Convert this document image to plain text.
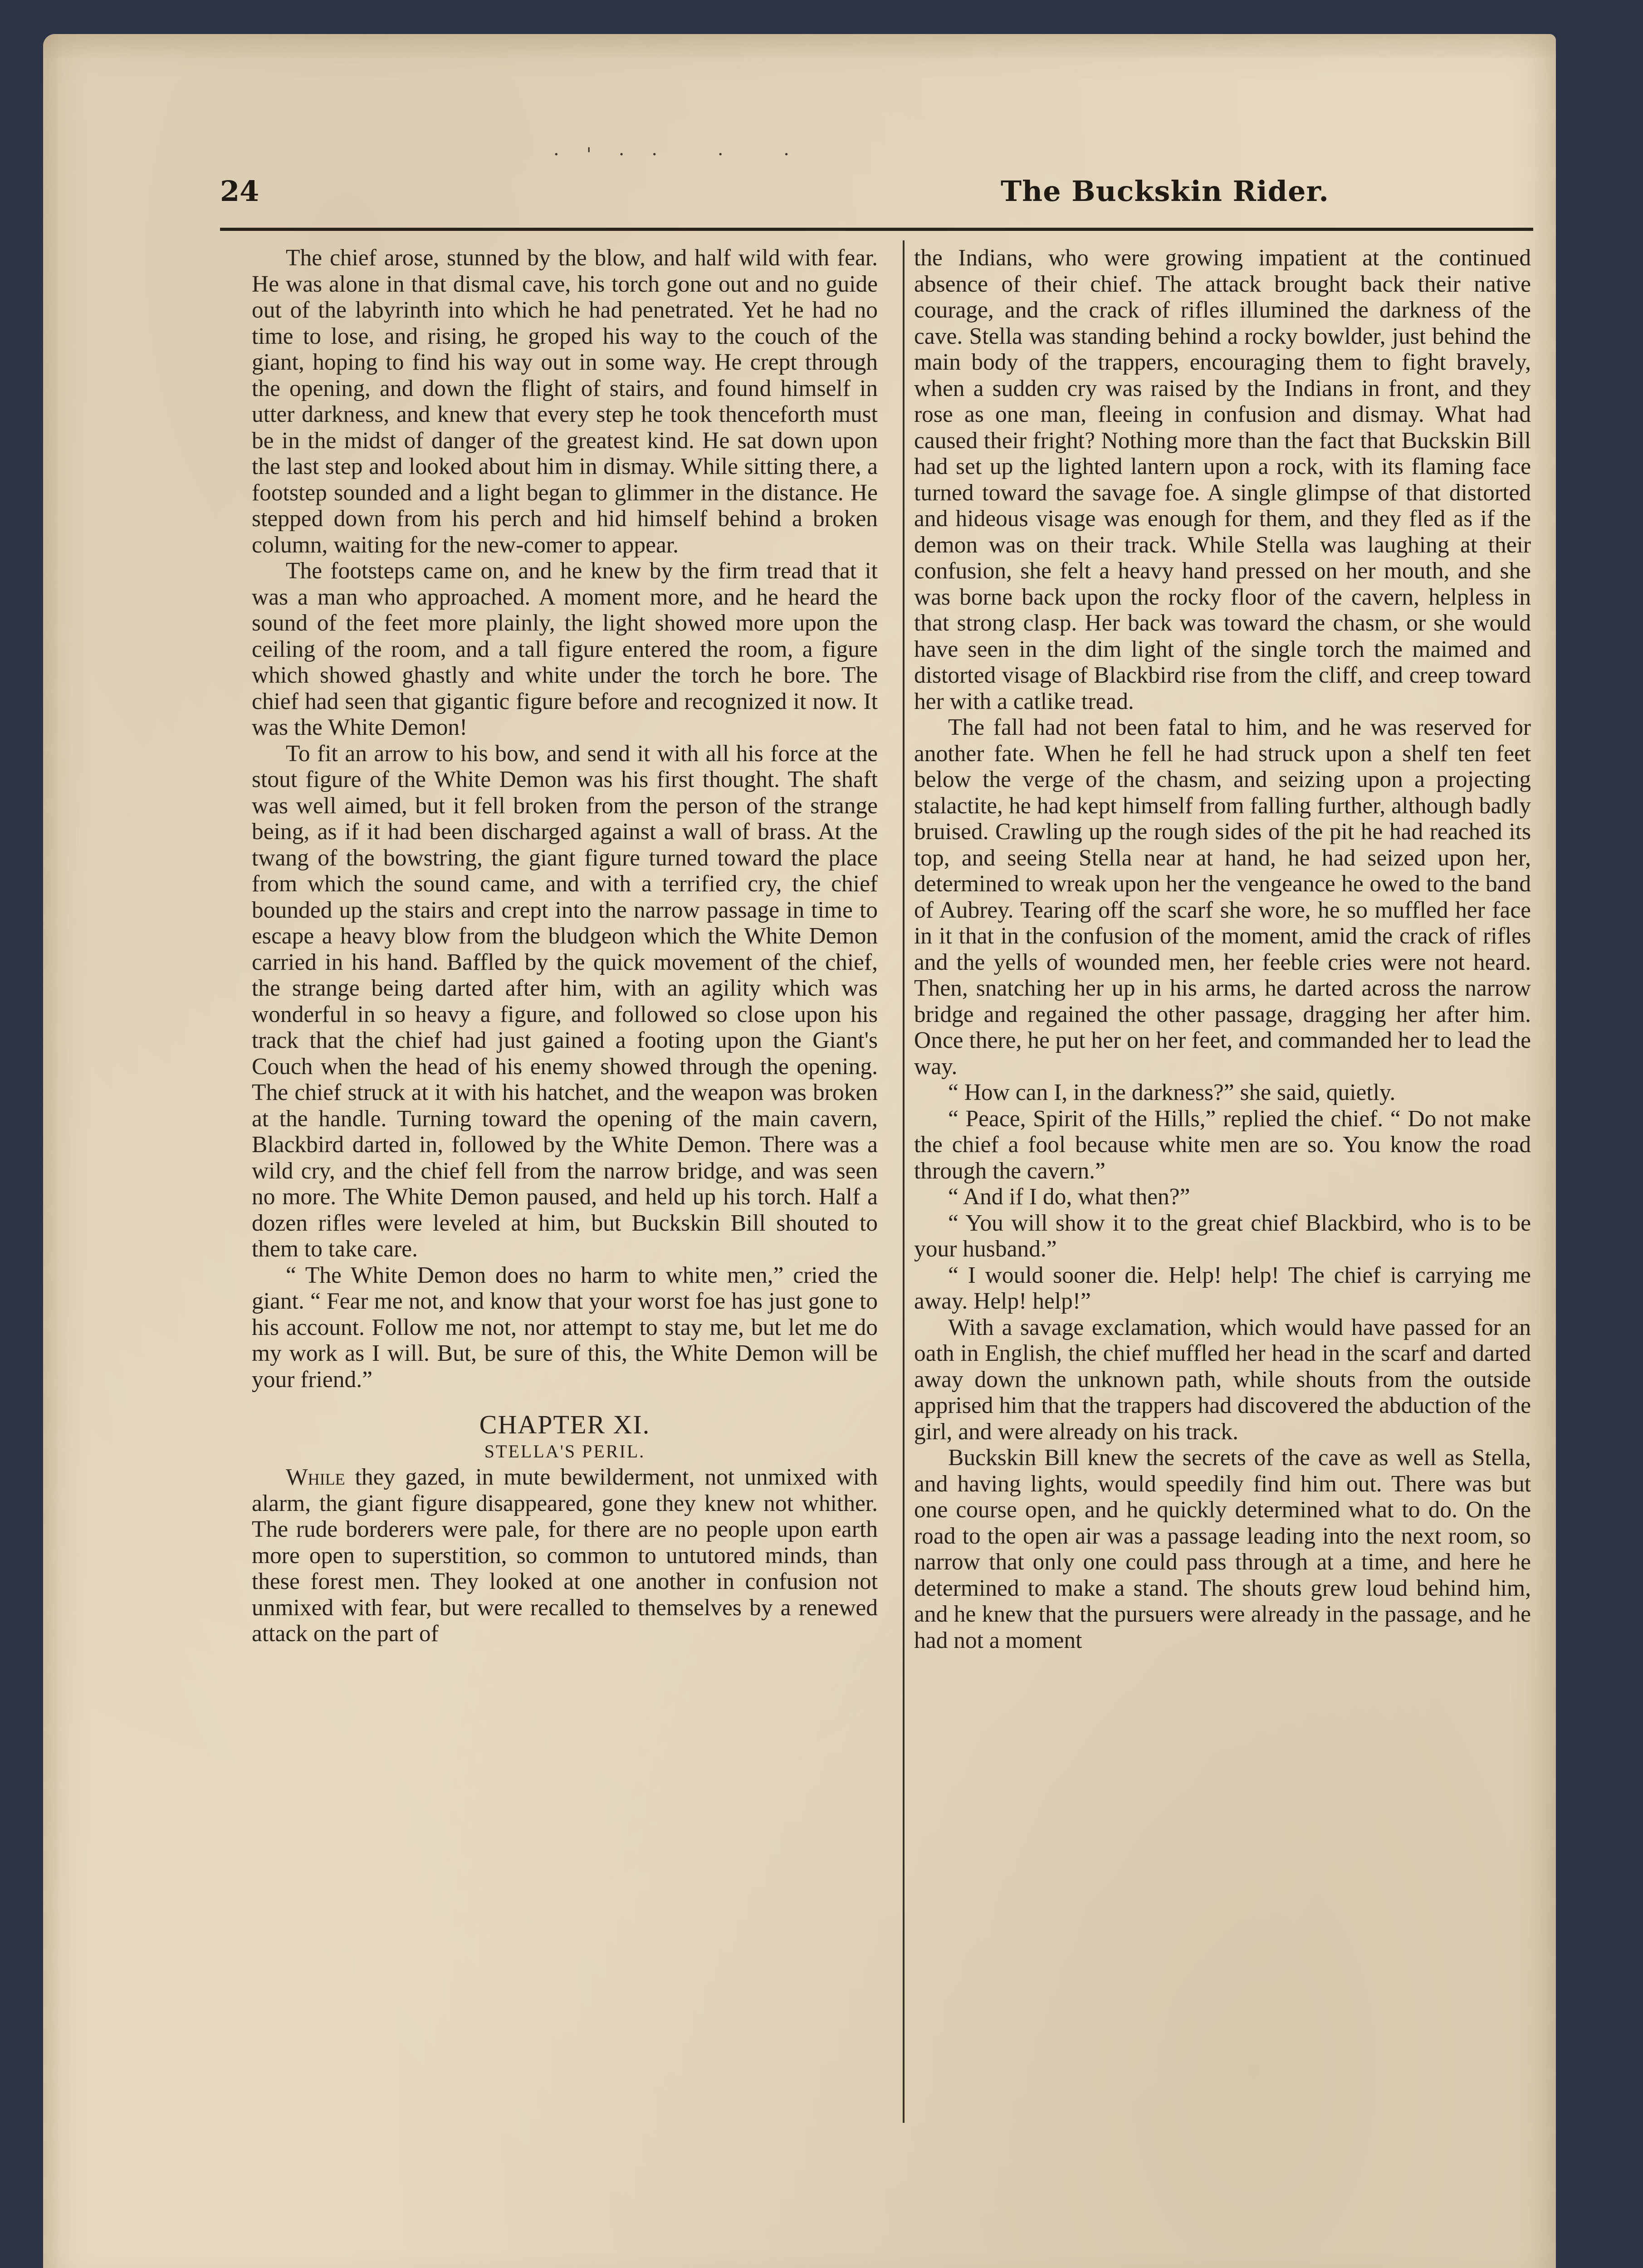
·'·· · ·
24	The Buckskin Rider.

The chief arose, stunned by the blow, and half wild with fear. He was alone in that dismal cave, his torch gone out and no guide out of the labyrinth into which he had penetrated. Yet he had no time to lose, and rising, he groped his way to the couch of the giant, hoping to find his way out in some way. He crept through the opening, and down the flight of stairs, and found himself in utter darkness, and knew that every step he took thenceforth must be in the midst of danger of the greatest kind. He sat down upon the last step and looked about him in dismay. While sitting there, a footstep sounded and a light began to glimmer in the distance. He stepped down from his perch and hid himself behind a broken column, waiting for the new-comer to appear.

The footsteps came on, and he knew by the firm tread that it was a man who approached. A moment more, and he heard the sound of the feet more plainly, the light showed more upon the ceiling of the room, and a tall figure entered the room, a figure which showed ghastly and white under the torch he bore. The chief had seen that gigantic figure before and recognized it now. It was the White Demon!

To fit an arrow to his bow, and send it with all his force at the stout figure of the White Demon was his first thought. The shaft was well aimed, but it fell broken from the person of the strange being, as if it had been discharged against a wall of brass. At the twang of the bowstring, the giant figure turned toward the place from which the sound came, and with a terrified cry, the chief bounded up the stairs and crept into the narrow passage in time to escape a heavy blow from the bludgeon which the White Demon carried in his hand. Baffled by the quick movement of the chief, the strange being darted after him, with an agility which was wonderful in so heavy a figure, and followed so close upon his track that the chief had just gained a footing upon the Giant's Couch when the head of his enemy showed through the opening. The chief struck at it with his hatchet, and the weapon was broken at the handle. Turning toward the opening of the main cavern, Blackbird darted in, followed by the White Demon. There was a wild cry, and the chief fell from the narrow bridge, and was seen no more. The White Demon paused, and held up his torch. Half a dozen rifles were leveled at him, but Buckskin Bill shouted to them to take care.

“ The White Demon does no harm to white men,” cried the giant. “ Fear me not, and know that your worst foe has just gone to his account. Follow me not, nor attempt to stay me, but let me do my work as I will. But, be sure of this, the White Demon will be your friend.”

CHAPTER XI.
STELLA'S PERIL.

While they gazed, in mute bewilderment, not unmixed with alarm, the giant figure disappeared, gone they knew not whither. The rude borderers were pale, for there are no people upon earth more open to superstition, so common to untutored minds, than these forest men. They looked at one another in confusion not unmixed with fear, but were recalled to themselves by a renewed attack on the part of

the Indians, who were growing impatient at the continued absence of their chief. The attack brought back their native courage, and the crack of rifles illumined the darkness of the cave. Stella was standing behind a rocky bowlder, just behind the main body of the trappers, encouraging them to fight bravely, when a sudden cry was raised by the Indians in front, and they rose as one man, fleeing in confusion and dismay. What had caused their fright? Nothing more than the fact that Buckskin Bill had set up the lighted lantern upon a rock, with its flaming face turned toward the savage foe. A single glimpse of that distorted and hideous visage was enough for them, and they fled as if the demon was on their track. While Stella was laughing at their confusion, she felt a heavy hand pressed on her mouth, and she was borne back upon the rocky floor of the cavern, helpless in that strong clasp. Her back was toward the chasm, or she would have seen in the dim light of the single torch the maimed and distorted visage of Blackbird rise from the cliff, and creep toward her with a catlike tread.

The fall had not been fatal to him, and he was reserved for another fate. When he fell he had struck upon a shelf ten feet below the verge of the chasm, and seizing upon a projecting stalactite, he had kept himself from falling further, although badly bruised. Crawling up the rough sides of the pit he had reached its top, and seeing Stella near at hand, he had seized upon her, determined to wreak upon her the vengeance he owed to the band of Aubrey. Tearing off the scarf she wore, he so muffled her face in it that in the confusion of the moment, amid the crack of rifles and the yells of wounded men, her feeble cries were not heard. Then, snatching her up in his arms, he darted across the narrow bridge and regained the other passage, dragging her after him. Once there, he put her on her feet, and commanded her to lead the way.

“ How can I, in the darkness?” she said, quietly.

“ Peace, Spirit of the Hills,” replied the chief. “ Do not make the chief a fool because white men are so. You know the road through the cavern.”

“ And if I do, what then?”

“ You will show it to the great chief Blackbird, who is to be your husband.”

“ I would sooner die. Help! help! The chief is carrying me away. Help! help!”

With a savage exclamation, which would have passed for an oath in English, the chief muffled her head in the scarf and darted away down the unknown path, while shouts from the outside apprised him that the trappers had discovered the abduction of the girl, and were already on his track.

Buckskin Bill knew the secrets of the cave as well as Stella, and having lights, would speedily find him out. There was but one course open, and he quickly determined what to do. On the road to the open air was a passage leading into the next room, so narrow that only one could pass through at a time, and here he determined to make a stand. The shouts grew loud behind him, and he knew that the pursuers were already in the passage, and he had not a moment
